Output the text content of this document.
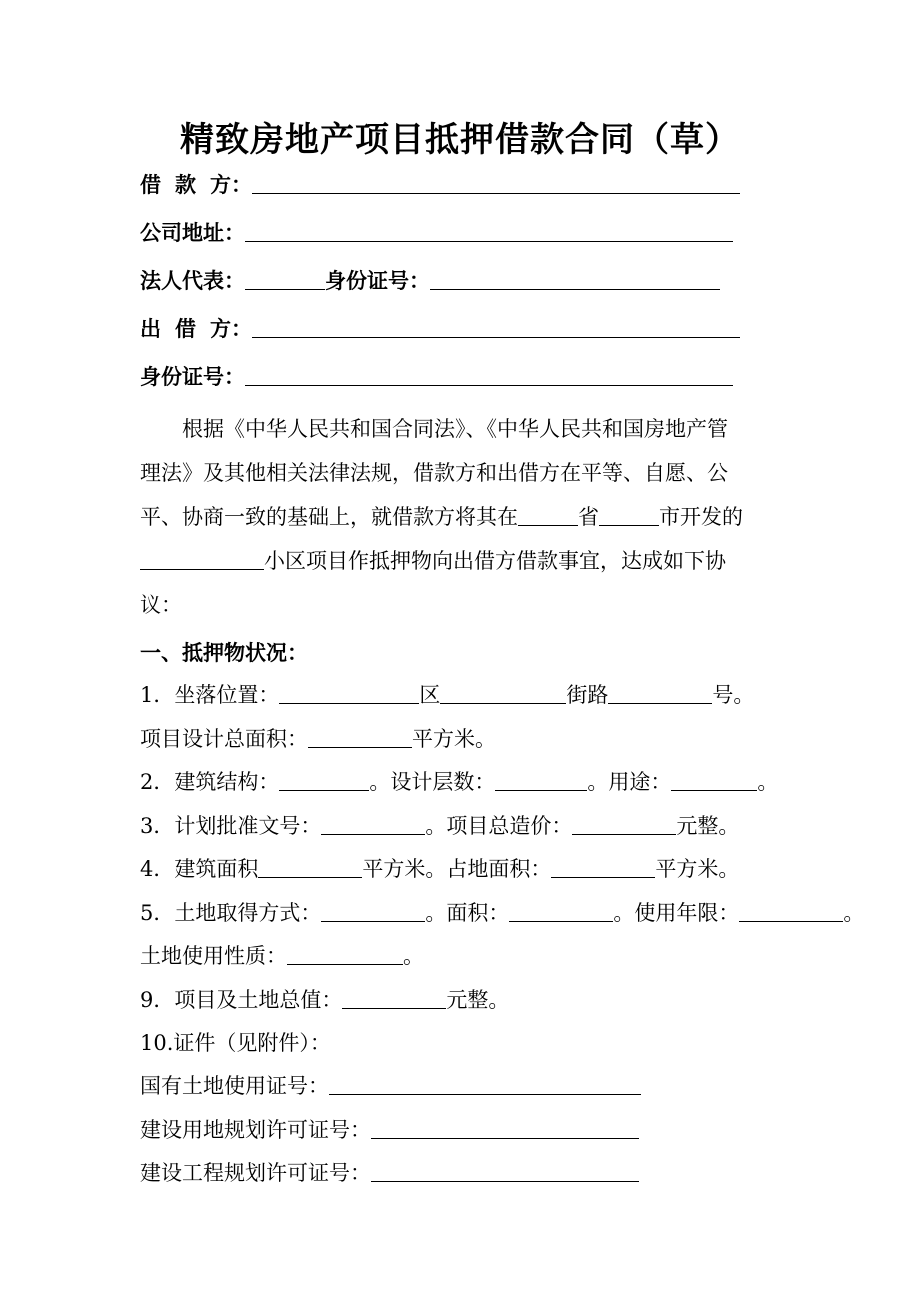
精致房地产项目抵押借款合同（草）
借 款 方：
公司地址：
法人代表：	身份证号：
出 借 方：
身份证号：
根据《中华人民共和国合同法》、《中华人民共和国房地产管
理法》及其他相关法律法规，借款方和出借方在平等、自愿、公
平、协商一致的基础上，就借款方将其在	省	市开发的
小区项目作抵押物向出借方借款事宜，达成如下协
议：
一、抵押物状况：
1．坐落位置：	区	街路	号。
项目设计总面积：	平方米。
2．建筑结构：	。设计层数：	。用途：	。
3．计划批准文号：	。项目总造价：	元整。
4．建筑面积	平方米。占地面积：	平方米。
5．土地取得方式：	。面积：	。使用年限：	。
土地使用性质：	。
9．项目及土地总值：	元整。
10.证件（见附件）：
国有土地使用证号：
建设用地规划许可证号：
建设工程规划许可证号：
